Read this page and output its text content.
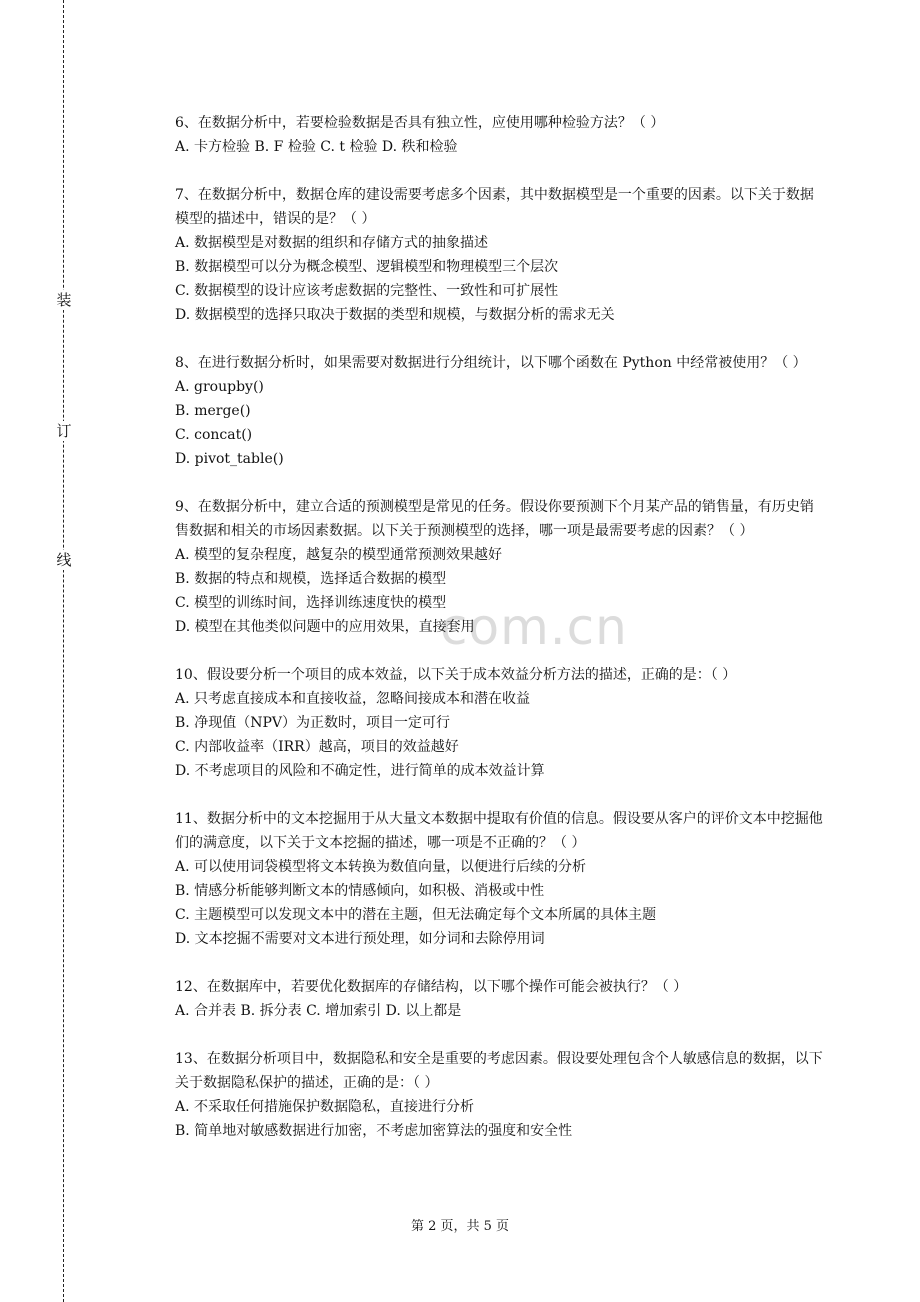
装
订
线
com.cn

6、在数据分析中，若要检验数据是否具有独立性，应使用哪种检验方法？（ ）

A. 卡方检验 B. F 检验 C. t 检验 D. 秩和检验

7、在数据分析中，数据仓库的建设需要考虑多个因素，其中数据模型是一个重要的因素。以下关于数据模型的描述中，错误的是？（ ）

A. 数据模型是对数据的组织和存储方式的抽象描述

B. 数据模型可以分为概念模型、逻辑模型和物理模型三个层次

C. 数据模型的设计应该考虑数据的完整性、一致性和可扩展性

D. 数据模型的选择只取决于数据的类型和规模，与数据分析的需求无关

8、在进行数据分析时，如果需要对数据进行分组统计，以下哪个函数在 Python 中经常被使用？（ ）

A. groupby()

B. merge()

C. concat()

D. pivot_table()

9、在数据分析中，建立合适的预测模型是常见的任务。假设你要预测下个月某产品的销售量，有历史销售数据和相关的市场因素数据。以下关于预测模型的选择，哪一项是最需要考虑的因素？（ ）

A. 模型的复杂程度，越复杂的模型通常预测效果越好

B. 数据的特点和规模，选择适合数据的模型

C. 模型的训练时间，选择训练速度快的模型

D. 模型在其他类似问题中的应用效果，直接套用

10、假设要分析一个项目的成本效益，以下关于成本效益分析方法的描述，正确的是：（ ）

A. 只考虑直接成本和直接收益，忽略间接成本和潜在收益

B. 净现值（NPV）为正数时，项目一定可行

C. 内部收益率（IRR）越高，项目的效益越好

D. 不考虑项目的风险和不确定性，进行简单的成本效益计算

11、数据分析中的文本挖掘用于从大量文本数据中提取有价值的信息。假设要从客户的评价文本中挖掘他们的满意度，以下关于文本挖掘的描述，哪一项是不正确的？（ ）

A. 可以使用词袋模型将文本转换为数值向量，以便进行后续的分析

B. 情感分析能够判断文本的情感倾向，如积极、消极或中性

C. 主题模型可以发现文本中的潜在主题，但无法确定每个文本所属的具体主题

D. 文本挖掘不需要对文本进行预处理，如分词和去除停用词

12、在数据库中，若要优化数据库的存储结构，以下哪个操作可能会被执行？（ ）

A. 合并表 B. 拆分表 C. 增加索引 D. 以上都是

13、在数据分析项目中，数据隐私和安全是重要的考虑因素。假设要处理包含个人敏感信息的数据，以下关于数据隐私保护的描述，正确的是：（ ）

A. 不采取任何措施保护数据隐私，直接进行分析

B. 简单地对敏感数据进行加密，不考虑加密算法的强度和安全性

第 2 页，共 5 页
